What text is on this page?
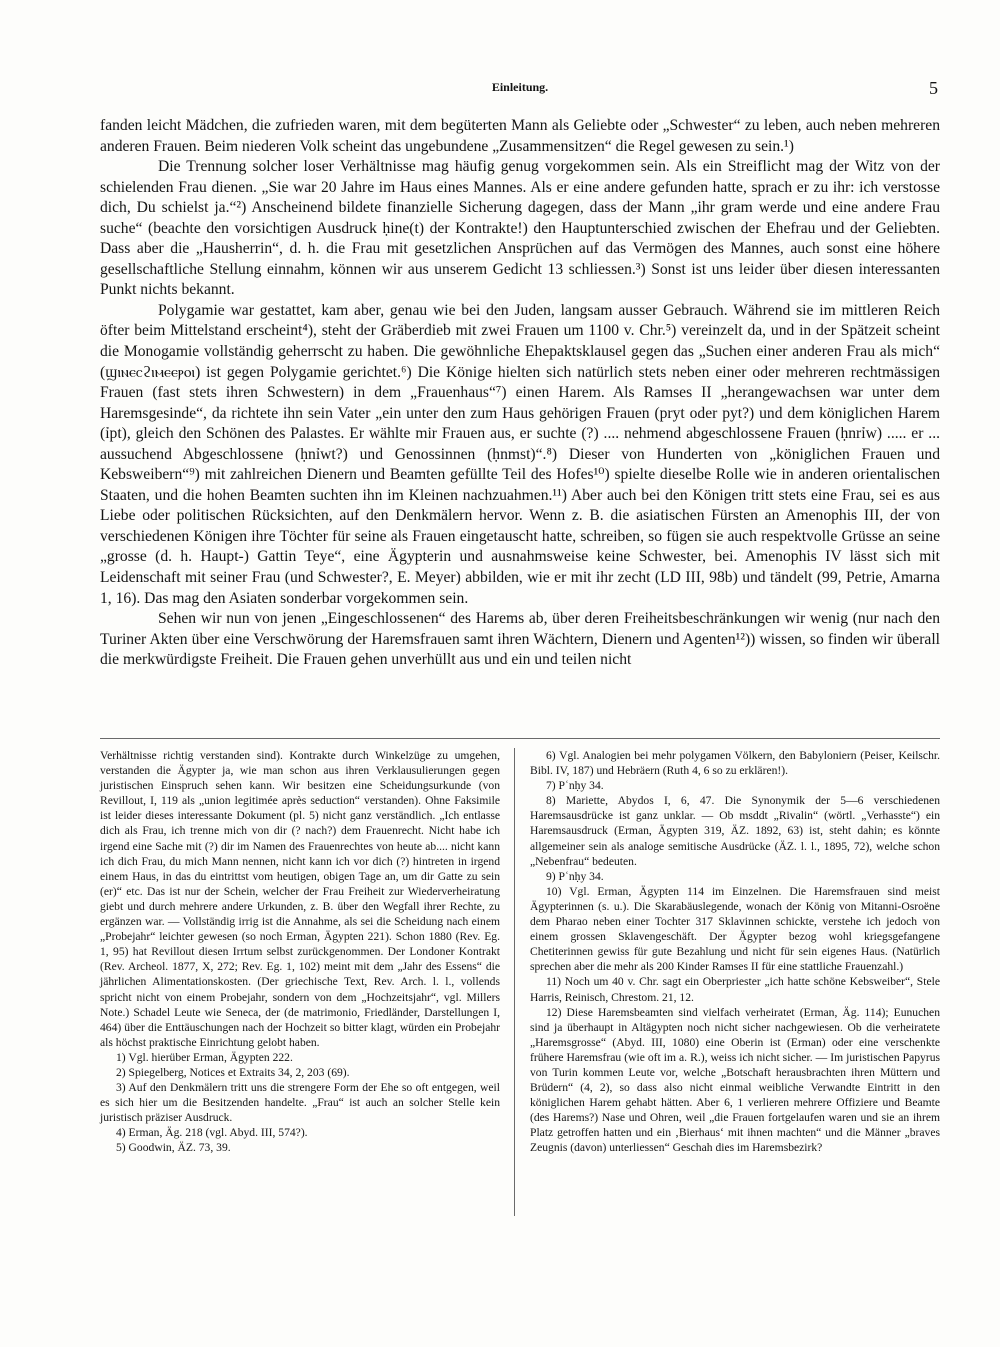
Einleitung.	5

fanden leicht Mädchen, die zufrieden waren, mit dem begüterten Mann als Geliebte oder „Schwester“ zu leben, auch neben mehreren anderen Frauen. Beim niederen Volk scheint das ungebundene „Zusammensitzen“ die Regel gewesen zu sein.¹)

Die Trennung solcher loser Verhältnisse mag häufig genug vorgekommen sein. Als ein Streiflicht mag der Witz von der schielenden Frau dienen. „Sie war 20 Jahre im Haus eines Mannes. Als er eine andere gefunden hatte, sprach er zu ihr: ich verstosse dich, Du schielst ja.“²) Anscheinend bildete finanzielle Sicherung dagegen, dass der Mann „ihr gram werde und eine andere Frau suche“ (beachte den vorsichtigen Ausdruck ḥine(t) der Kontrakte!) den Hauptunterschied zwischen der Ehefrau und der Geliebten. Dass aber die „Hausherrin“, d. h. die Frau mit gesetzlichen Ansprüchen auf das Vermögen des Mannes, auch sonst eine höhere gesellschaftliche Stellung einnahm, können wir aus unserem Gedicht 13 schliessen.³) Sonst ist uns leider über diesen interessanten Punkt nichts bekannt.

Polygamie war gestattet, kam aber, genau wie bei den Juden, langsam ausser Gebrauch. Während sie im mittleren Reich öfter beim Mittelstand erscheint⁴), steht der Gräberdieb mit zwei Frauen um 1100 v. Chr.⁵) vereinzelt da, und in der Spätzeit scheint die Monogamie vollständig geherrscht zu haben. Die gewöhnliche Ehepaktsklausel gegen das „Suchen einer anderen Frau als mich“ (ϣⲓⲛⲉⲥϩⲓⲙⲉⲉⲣⲟⲓ) ist gegen Polygamie gerichtet.⁶) Die Könige hielten sich natürlich stets neben einer oder mehreren rechtmässigen Frauen (fast stets ihren Schwestern) in dem „Frauenhaus“⁷) einen Harem. Als Ramses II „herangewachsen war unter dem Haremsgesinde“, da richtete ihn sein Vater „ein unter den zum Haus gehörigen Frauen (pryt oder pyt?) und dem königlichen Harem (ỉpt), gleich den Schönen des Palastes. Er wählte mir Frauen aus, er suchte (?) .... nehmend abgeschlossene Frauen (ḥnrỉw) ..... er ... aussuchend Abgeschlossene (ḥnỉwt?) und Genossinnen (ḥnmst)“.⁸) Dieser von Hunderten von „königlichen Frauen und Kebsweibern“⁹) mit zahlreichen Dienern und Beamten gefüllte Teil des Hofes¹⁰) spielte dieselbe Rolle wie in anderen orientalischen Staaten, und die hohen Beamten suchten ihn im Kleinen nachzuahmen.¹¹) Aber auch bei den Königen tritt stets eine Frau, sei es aus Liebe oder politischen Rücksichten, auf den Denkmälern hervor. Wenn z. B. die asiatischen Fürsten an Amenophis III, der von verschiedenen Königen ihre Töchter für seine als Frauen eingetauscht hatte, schreiben, so fügen sie auch respektvolle Grüsse an seine „grosse (d. h. Haupt-) Gattin Teye“, eine Ägypterin und ausnahmsweise keine Schwester, bei. Amenophis IV lässt sich mit Leidenschaft mit seiner Frau (und Schwester?, E. Meyer) abbilden, wie er mit ihr zecht (LD III, 98b) und tändelt (99, Petrie, Amarna 1, 16). Das mag den Asiaten sonderbar vorgekommen sein.

Sehen wir nun von jenen „Eingeschlossenen“ des Harems ab, über deren Freiheitsbeschränkungen wir wenig (nur nach den Turiner Akten über eine Verschwörung der Haremsfrauen samt ihren Wächtern, Dienern und Agenten¹²)) wissen, so finden wir überall die merkwürdigste Freiheit. Die Frauen gehen unverhüllt aus und ein und teilen nicht

Verhältnisse richtig verstanden sind). Kontrakte durch Winkelzüge zu umgehen, verstanden die Ägypter ja, wie man schon aus ihren Verklausulierungen gegen juristischen Einspruch sehen kann. Wir besitzen eine Scheidungsurkunde (von Revillout, I, 119 als „union legitimée après seduction“ verstanden). Ohne Faksimile ist leider dieses interessante Dokument (pl. 5) nicht ganz verständlich. „Ich entlasse dich als Frau, ich trenne mich von dir (? nach?) dem Frauenrecht. Nicht habe ich irgend eine Sache mit (?) dir im Namen des Frauenrechtes von heute ab.... nicht kann ich dich Frau, du mich Mann nennen, nicht kann ich vor dich (?) hintreten in irgend einem Haus, in das du eintrittst vom heutigen, obigen Tage an, um dir Gatte zu sein (er)“ etc. Das ist nur der Schein, welcher der Frau Freiheit zur Wiederverheiratung giebt und durch mehrere andere Urkunden, z. B. über den Wegfall ihrer Rechte, zu ergänzen war. — Vollständig irrig ist die Annahme, als sei die Scheidung nach einem „Probejahr“ leichter gewesen (so noch Erman, Ägypten 221). Schon 1880 (Rev. Eg. 1, 95) hat Revillout diesen Irrtum selbst zurückgenommen. Der Londoner Kontrakt (Rev. Archeol. 1877, X, 272; Rev. Eg. 1, 102) meint mit dem „Jahr des Essens“ die jährlichen Alimentationskosten. (Der griechische Text, Rev. Arch. l. l., vollends spricht nicht von einem Probejahr, sondern von dem „Hochzeitsjahr“, vgl. Millers Note.) Schadel Leute wie Seneca, der (de matrimonio, Friedländer, Darstellungen I, 464) über die Enttäuschungen nach der Hochzeit so bitter klagt, würden ein Probejahr als höchst praktische Einrichtung gelobt haben.

1) Vgl. hierüber Erman, Ägypten 222.

2) Spiegelberg, Notices et Extraits 34, 2, 203 (69).

3) Auf den Denkmälern tritt uns die strengere Form der Ehe so oft entgegen, weil es sich hier um die Besitzenden handelte. „Frau“ ist auch an solcher Stelle kein juristisch präziser Ausdruck.

4) Erman, Äg. 218 (vgl. Abyd. III, 574?).

5) Goodwin, ÄZ. 73, 39.

6) Vgl. Analogien bei mehr polygamen Völkern, den Babyloniern (Peiser, Keilschr. Bibl. IV, 187) und Hebräern (Ruth 4, 6 so zu erklären!).

7) Pʿnḥy 34.

8) Mariette, Abydos I, 6, 47. Die Synonymik der 5—6 verschiedenen Haremsausdrücke ist ganz unklar. — Ob msddt „Rivalin“ (wörtl. „Verhasste“) ein Haremsausdruck (Erman, Ägypten 319, ÄZ. 1892, 63) ist, steht dahin; es könnte allgemeiner sein als analoge semitische Ausdrücke (ÄZ. l. l., 1895, 72), welche schon „Nebenfrau“ bedeuten.

9) Pʿnḥy 34.

10) Vgl. Erman, Ägypten 114 im Einzelnen. Die Haremsfrauen sind meist Ägypterinnen (s. u.). Die Skarabäuslegende, wonach der König von Mitanni-Osroëne dem Pharao neben einer Tochter 317 Sklavinnen schickte, verstehe ich jedoch von einem grossen Sklavengeschäft. Der Ägypter bezog wohl kriegsgefangene Chetiterinnen gewiss für gute Bezahlung und nicht für sein eigenes Haus. (Natürlich sprechen aber die mehr als 200 Kinder Ramses II für eine stattliche Frauenzahl.)

11) Noch um 40 v. Chr. sagt ein Oberpriester „ich hatte schöne Kebsweiber“, Stele Harris, Reinisch, Chrestom. 21, 12.

12) Diese Haremsbeamten sind vielfach verheiratet (Erman, Äg. 114); Eunuchen sind ja überhaupt in Altägypten noch nicht sicher nachgewiesen. Ob die verheiratete „Haremsgrosse“ (Abyd. III, 1080) eine Oberin ist (Erman) oder eine verschenkte frühere Haremsfrau (wie oft im a. R.), weiss ich nicht sicher. — Im juristischen Papyrus von Turin kommen Leute vor, welche „Botschaft herausbrachten ihren Müttern und Brüdern“ (4, 2), so dass also nicht einmal weibliche Verwandte Eintritt in den königlichen Harem gehabt hätten. Aber 6, 1 verlieren mehrere Offiziere und Beamte (des Harems?) Nase und Ohren, weil „die Frauen fortgelaufen waren und sie an ihrem Platz getroffen hatten und ein ‚Bierhaus‘ mit ihnen machten“ und die Männer „braves Zeugnis (davon) unterliessen“ Geschah dies im Haremsbezirk?
